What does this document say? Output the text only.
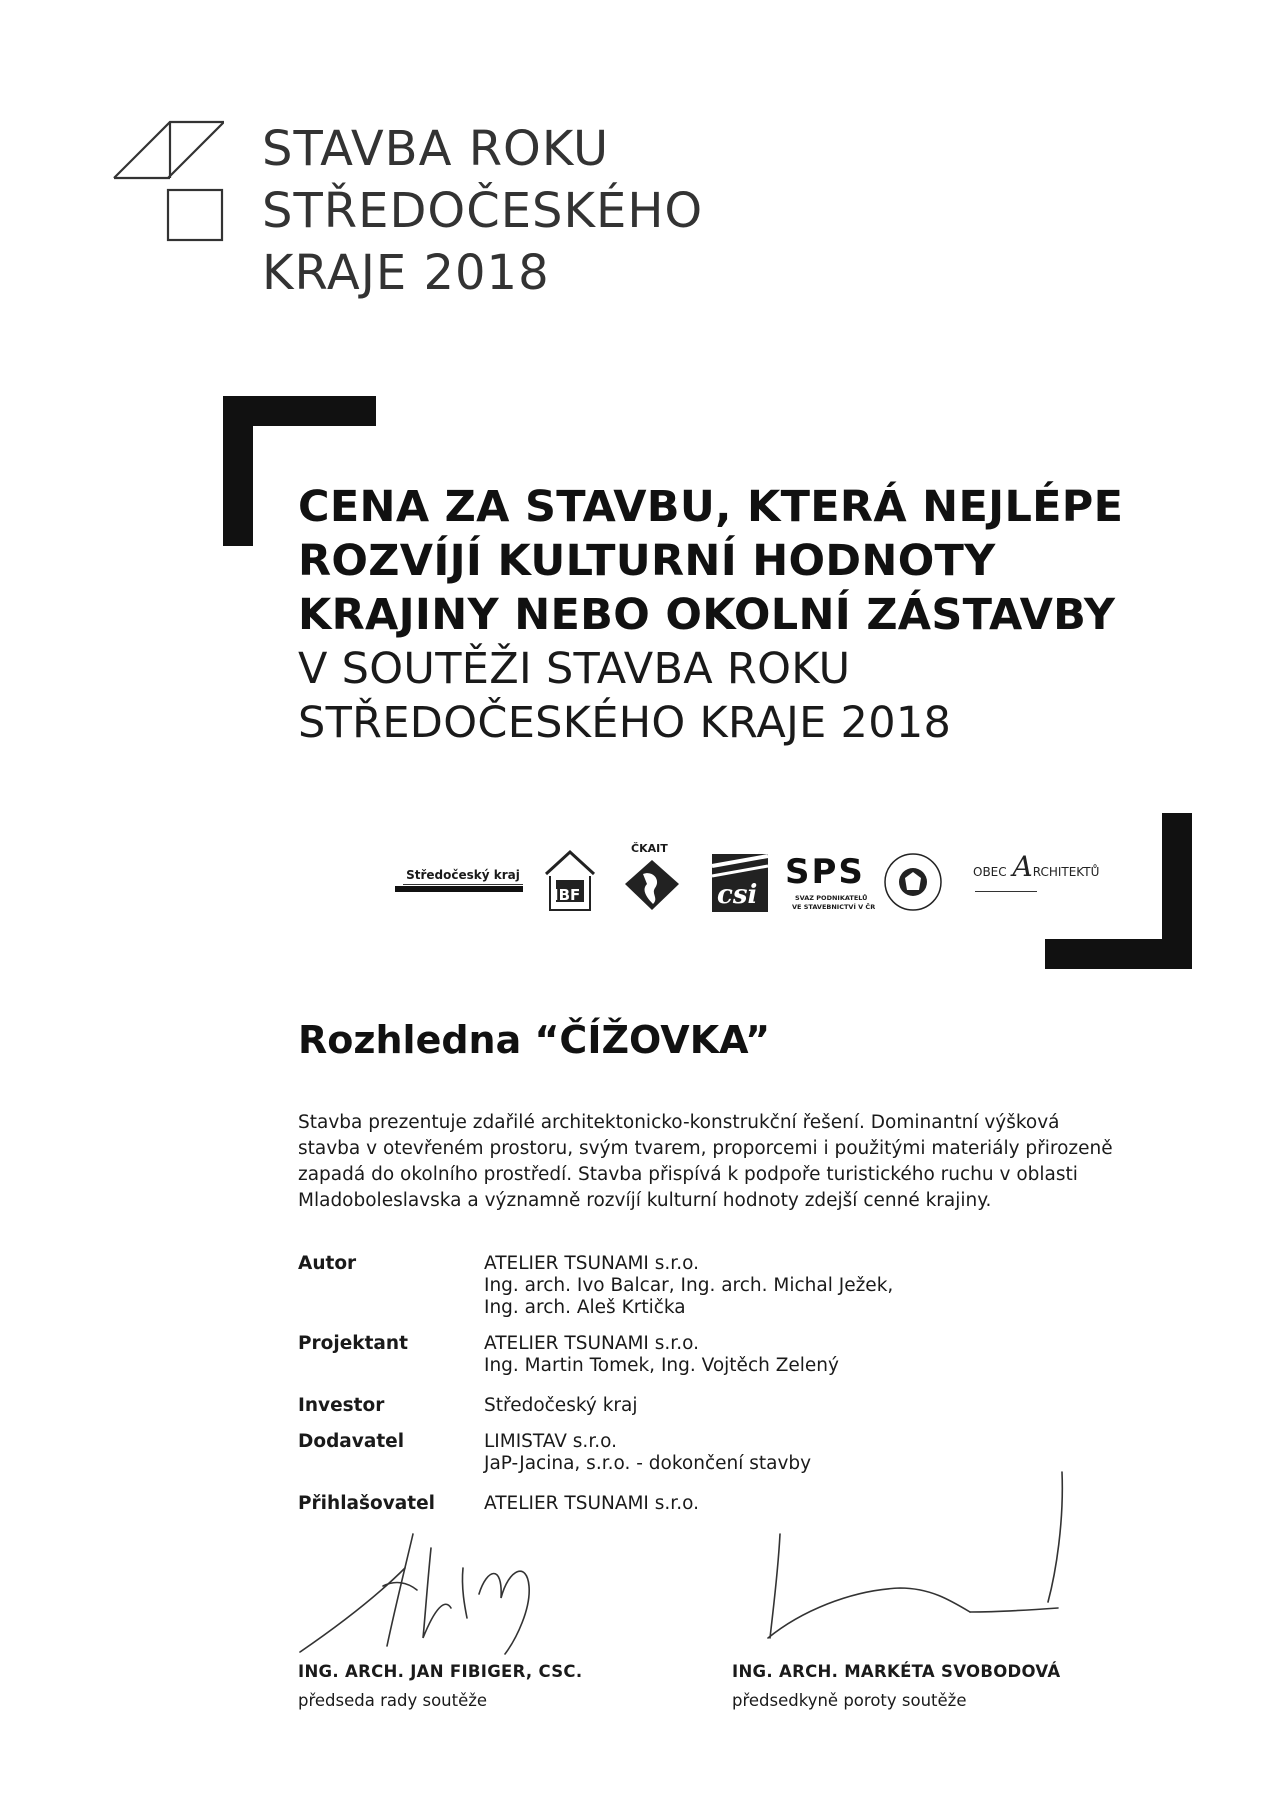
STAVBA ROKU
STŘEDOČESKÉHO
KRAJE 2018
CENA ZA STAVBU, KTERÁ NEJLÉPE
ROZVÍJÍ KULTURNÍ HODNOTY
KRAJINY NEBO OKOLNÍ ZÁSTAVBY
V SOUTĚŽI STAVBA ROKU
STŘEDOČESKÉHO KRAJE 2018
Středočeský kraj
IBF
ČKAIT
csi
SPS
SVAZ PODNIKATELŮ
VE STAVEBNICTVÍ V ČR
OBEC ARCHITEKTŮ
Rozhledna “ČÍŽOVKA”
Stavba prezentuje zdařilé architektonicko-konstrukční řešení. Dominantní výšková
stavba v otevřeném prostoru, svým tvarem, proporcemi i použitými materiály přirozeně
zapadá do okolního prostředí. Stavba přispívá k podpoře turistického ruchu v oblasti
Mladoboleslavska a významně rozvíjí kulturní hodnoty zdejší cenné krajiny.
Autor	ATELIER TSUNAMI s.r.o.
Ing. arch. Ivo Balcar, Ing. arch. Michal Ježek,
Ing. arch. Aleš Krtička
Projektant	ATELIER TSUNAMI s.r.o.
Ing. Martin Tomek, Ing. Vojtěch Zelený
Investor	Středočeský kraj
Dodavatel	LIMISTAV s.r.o.
JaP-Jacina, s.r.o. - dokončení stavby
Přihlašovatel	ATELIER TSUNAMI s.r.o.
ING. ARCH. JAN FIBIGER, CSC.
předseda rady soutěže
ING. ARCH. MARKÉTA SVOBODOVÁ
předsedkyně poroty soutěže
